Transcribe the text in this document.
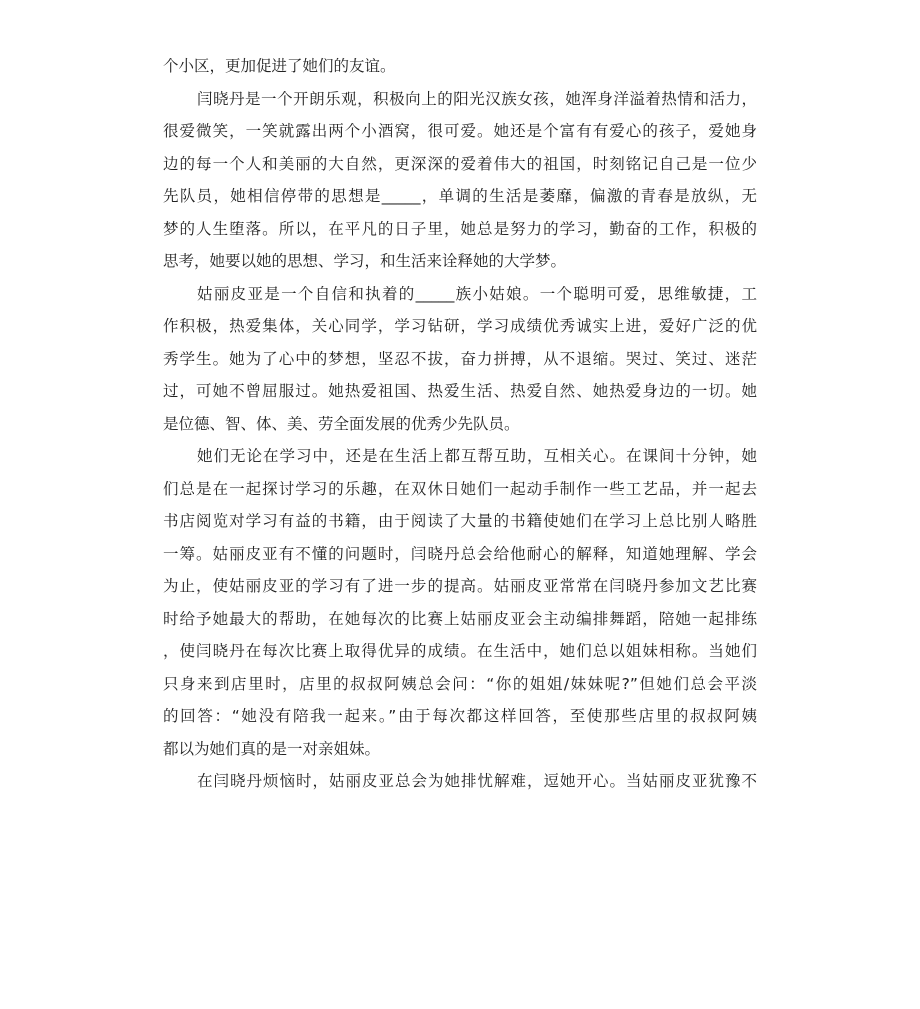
个小区，更加促进了她们的友谊。
闫晓丹是一个开朗乐观，积极向上的阳光汉族女孩，她浑身洋溢着热情和活力，
很爱微笑，一笑就露出两个小酒窝，很可爱。她还是个富有有爱心的孩子，爱她身
边的每一个人和美丽的大自然，更深深的爱着伟大的祖国，时刻铭记自己是一位少
先队员，她相信停带的思想是_____，单调的生活是萎靡，偏激的青春是放纵，无
梦的人生堕落。所以，在平凡的日子里，她总是努力的学习，勤奋的工作，积极的
思考，她要以她的思想、学习，和生活来诠释她的大学梦。
姑丽皮亚是一个自信和执着的_____族小姑娘。一个聪明可爱，思维敏捷，工
作积极，热爱集体，关心同学，学习钻研，学习成绩优秀诚实上进，爱好广泛的优
秀学生。她为了心中的梦想，坚忍不拔，奋力拼搏，从不退缩。哭过、笑过、迷茫
过，可她不曾屈服过。她热爱祖国、热爱生活、热爱自然、她热爱身边的一切。她
是位德、智、体、美、劳全面发展的优秀少先队员。
她们无论在学习中，还是在生活上都互帮互助，互相关心。在课间十分钟，她
们总是在一起探讨学习的乐趣，在双休日她们一起动手制作一些工艺品，并一起去
书店阅览对学习有益的书籍，由于阅读了大量的书籍使她们在学习上总比别人略胜
一筹。姑丽皮亚有不懂的问题时，闫晓丹总会给他耐心的解释，知道她理解、学会
为止，使姑丽皮亚的学习有了进一步的提高。姑丽皮亚常常在闫晓丹参加文艺比赛
时给予她最大的帮助，在她每次的比赛上姑丽皮亚会主动编排舞蹈，陪她一起排练
，使闫晓丹在每次比赛上取得优异的成绩。在生活中，她们总以姐妹相称。当她们
只身来到店里时，店里的叔叔阿姨总会问：“你的姐姐/妹妹呢?”但她们总会平淡
的回答：“她没有陪我一起来。”由于每次都这样回答，至使那些店里的叔叔阿姨
都以为她们真的是一对亲姐妹。
在闫晓丹烦恼时，姑丽皮亚总会为她排忧解难，逗她开心。当姑丽皮亚犹豫不
